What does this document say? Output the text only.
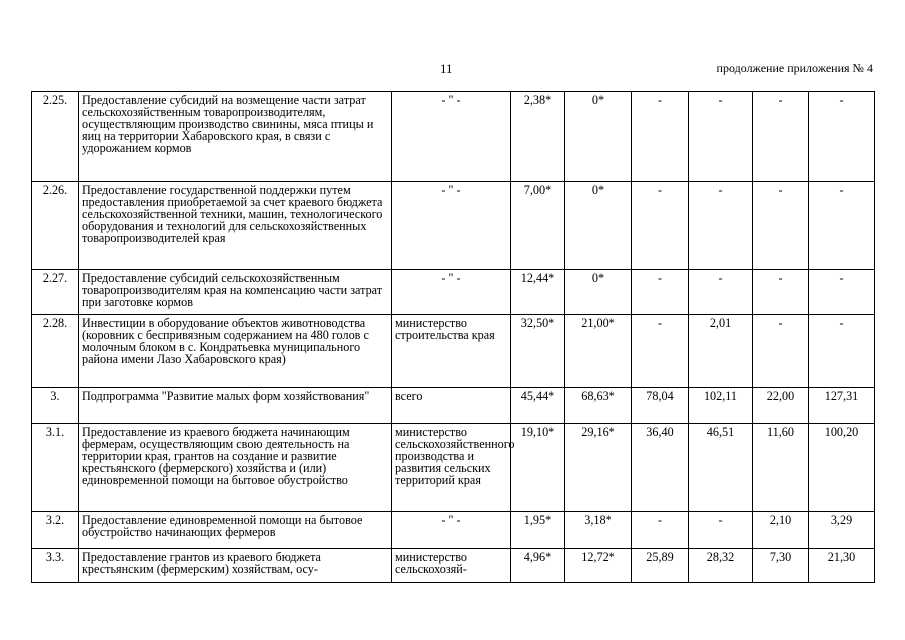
11	продолжение приложения № 4
2.25.	Предоставление субсидий на возмещение части затрат сельскохозяйственным товаропроизводителям, осуществляющим производство свинины, мяса птицы и яиц на территории Хабаровского края, в связи с удорожанием кормов	- " -	2,38*	0*	-	-	-	-
2.26.	Предоставление государственной поддержки путем предоставления приобретаемой за счет краевого бюджета сельскохозяйственной техники, машин, технологического оборудования и технологий для сельскохозяйственных товаропроизводителей края	- " -	7,00*	0*	-	-	-	-
2.27.	Предоставление субсидий сельскохозяйственным товаропроизводителям края на компенсацию части затрат при заготовке кормов	- " -	12,44*	0*	-	-	-	-
2.28.	Инвестиции в оборудование объектов животноводства (коровник с беспривязным содержанием на 480 голов с молочным блоком в с. Кондратьевка муниципального района имени Лазо Хабаровского края)	министерство строительства края	32,50*	21,00*	-	2,01	-	-
3.	Подпрограмма "Развитие малых форм хозяйствования"	всего	45,44*	68,63*	78,04	102,11	22,00	127,31
3.1.	Предоставление из краевого бюджета начинающим фермерам, осуществляющим свою деятельность на территории края, грантов на создание и развитие крестьянского (фермерского) хозяйства и (или) единовременной помощи на бытовое обустройство	министерство сельскохозяйственного производства и развития сельских территорий края	19,10*	29,16*	36,40	46,51	11,60	100,20
3.2.	Предоставление единовременной помощи на бытовое обустройство начинающих фермеров	- " -	1,95*	3,18*	-	-	2,10	3,29
3.3.	Предоставление грантов из краевого бюджета крестьянским (фермерским) хозяйствам, осу-	министерство сельскохозяй-	4,96*	12,72*	25,89	28,32	7,30	21,30
